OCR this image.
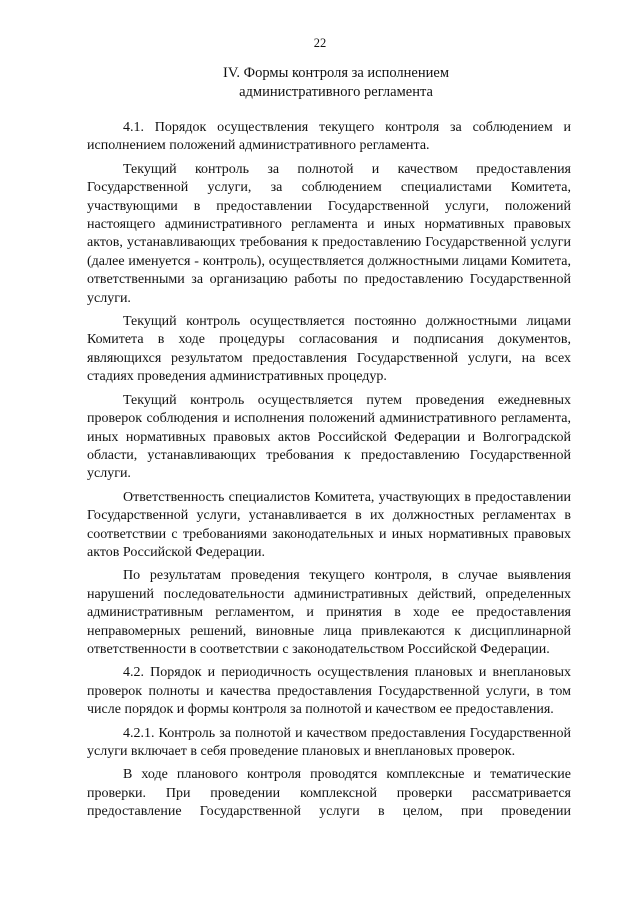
22
IV. Формы контроля за исполнением
административного регламента

4.1. Порядок осуществления текущего контроля за соблюдением и исполнением положений административного регламента.

Текущий контроль за полнотой и качеством предоставления Государственной услуги, за соблюдением специалистами Комитета, участвующими в предоставлении Государственной услуги, положений настоящего административного регламента и иных нормативных правовых актов, устанавливающих требования к предоставлению Государственной услуги (далее именуется - контроль), осуществляется должностными лицами Комитета, ответственными за организацию работы по предоставлению Государственной услуги.

Текущий контроль осуществляется постоянно должностными лицами Комитета в ходе процедуры согласования и подписания документов, являющихся результатом предоставления Государственной услуги, на всех стадиях проведения административных процедур.

Текущий контроль осуществляется путем проведения ежедневных проверок соблюдения и исполнения положений административного регламента, иных нормативных правовых актов Российской Федерации и Волгоградской области, устанавливающих требования к предоставлению Государственной услуги.

Ответственность специалистов Комитета, участвующих в предоставлении Государственной услуги, устанавливается в их должностных регламентах в соответствии с требованиями законодательных и иных нормативных правовых актов Российской Федерации.

По результатам проведения текущего контроля, в случае выявления нарушений последовательности административных действий, определенных административным регламентом, и принятия в ходе ее предоставления неправомерных решений, виновные лица привлекаются к дисциплинарной ответственности в соответствии с законодательством Российской Федерации.

4.2. Порядок и периодичность осуществления плановых и внеплановых проверок полноты и качества предоставления Государственной услуги, в том числе порядок и формы контроля за полнотой и качеством ее предоставления.

4.2.1. Контроль за полнотой и качеством предоставления Государственной услуги включает в себя проведение плановых и внеплановых проверок.

В ходе планового контроля проводятся комплексные и тематические проверки. При проведении комплексной проверки рассматривается предоставление Государственной услуги в целом, при проведении
